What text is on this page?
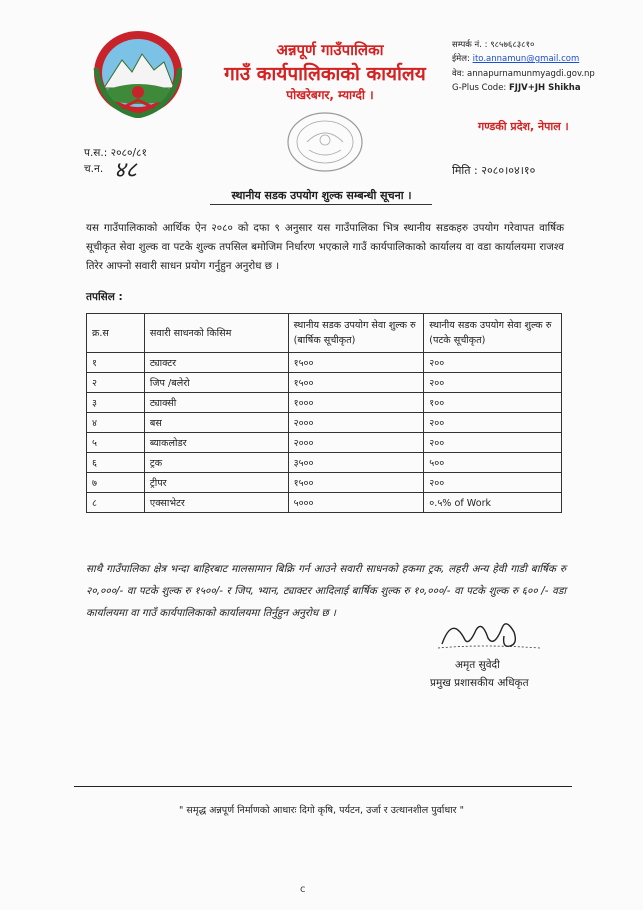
अन्नपूर्ण गाउँपालिका
गाउँ कार्यपालिकाको कार्यालय
पोखरेबगर, म्याग्दी ।
सम्पर्क नं. : ९८५७६८३८१०
ईमेल: ito.annamun@gmail.com
वेव: annapurnamunmyagdi.gov.np
G-Plus Code: FJJV+JH Shikha
गण्डकी प्रदेश, नेपाल ।
प.स.: २०८०/८१
च.न. ४८	मिति : २०८०।०४।१०
स्थानीय सडक उपयोग शुल्क सम्बन्धी सूचना ।
यस गाउँपालिकाको आर्थिक ऐन २०८० को दफा ९ अनुसार यस गाउँपालिका भित्र स्थानीय सडकहरु उपयोग गरेवापत वार्षिक सूचीकृत सेवा शुल्क वा पटके शुल्क तपसिल बमोजिम निर्धारण भएकाले गाउँ कार्यपालिकाको कार्यालय वा वडा कार्यालयमा राजश्व तिरेर आफ्नो सवारी साधन प्रयोग गर्नुहुन अनुरोध छ ।
तपसिल :
क्र.स	सवारी साधनको किसिम	स्थानीय सडक उपयोग सेवा शुल्क रु (बार्षिक सूचीकृत)	स्थानीय सडक उपयोग सेवा शुल्क रु (पटके सूचीकृत)
१	ट्याक्टर	१५००	२००
२	जिप /बलेरो	१५००	२००
३	ट्याक्सी	१०००	१००
४	बस	२०००	२००
५	ब्याकलोडर	२०००	२००
६	ट्रक	३५००	५००
७	ट्रीपर	१५००	२००
८	एक्साभेटर	५०००	०.५% of Work
साथै गाउँपालिका क्षेत्र भन्दा बाहिरबाट मालसामान बिक्रि गर्न आउने सवारी साधनको हकमा ट्रक, लहरी अन्य हेवी गाडी बार्षिक रु २०,०००/- वा पटके शुल्क रु १५००/- र जिप, भ्यान, ट्याक्टर आदिलाई बार्षिक शुल्क रु १०,०००/- वा पटके शुल्क रु ६०० /- वडा कार्यालयमा वा गाउँ कार्यपालिकाको कार्यालयमा तिर्नुहुन अनुरोध छ ।
अमृत सुवेदी
प्रमुख प्रशासकीय अधिकृत
" समृद्ध अन्नपूर्ण निर्माणको आधारः दिगो कृषि, पर्यटन, उर्जा र उत्थानशील पुर्वाधार "
c
